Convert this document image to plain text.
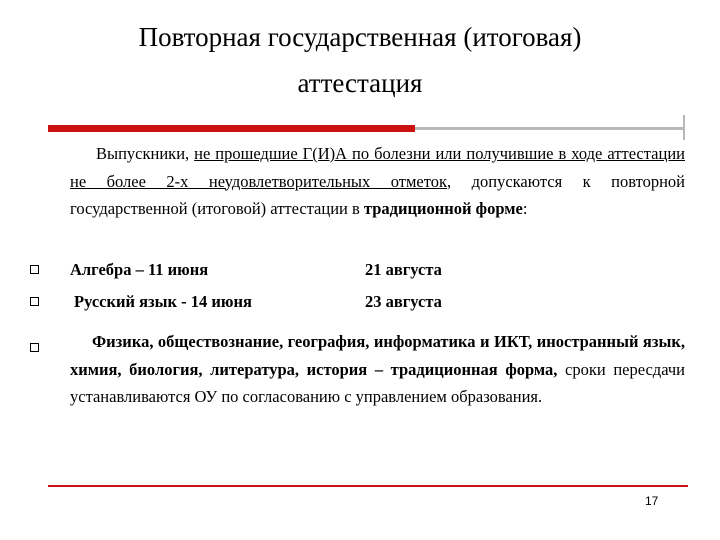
Повторная государственная (итоговая)
аттестация
Выпускники, не прошедшие Г(И)А по болезни или получившие в ходе аттестации не более 2-х неудовлетворительных отметок, допускаются к повторной государственной (итоговой) аттестации в традиционной форме:
Алгебра – 11 июня	21 августа
Русский язык - 14 июня	23 августа
Физика, обществознание, география, информатика и ИКТ, иностранный язык, химия, биология, литература, история – традиционная форма, сроки пересдачи устанавливаются ОУ по согласованию с управлением образования.
17
